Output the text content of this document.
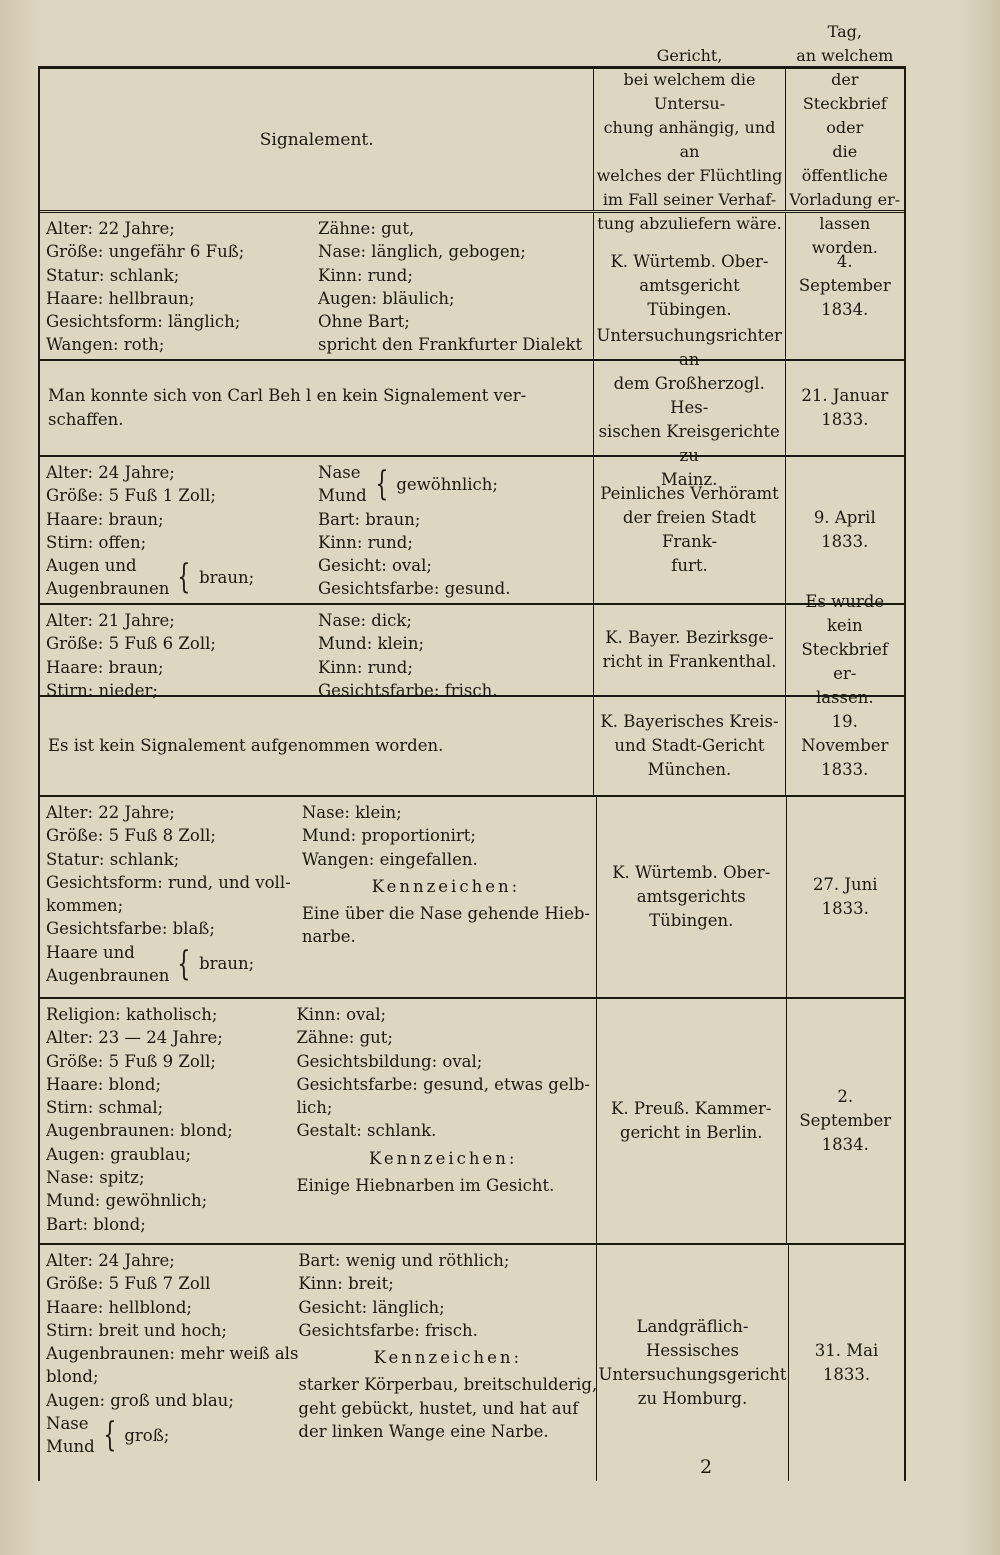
Signalement.
Gericht,
bei welchem die Untersu-
chung anhängig, und an
welches der Flüchtling
im Fall seiner Verhaf-
tung abzuliefern wäre.
Tag,
an welchem der
Steckbrief oder
die öffentliche
Vorladung er-
lassen worden.
Alter: 22 Jahre;
Größe: ungefähr 6 Fuß;
Statur: schlank;
Haare: hellbraun;
Gesichtsform: länglich;
Wangen: roth;
Zähne: gut,
Nase: länglich, gebogen;
Kinn: rund;
Augen: bläulich;
Ohne Bart;
spricht den Frankfurter Dialekt
K. Würtemb. Ober-
amtsgericht Tübingen.
4. September
1834.
Man konnte sich von Carl Beh l en kein Signalement ver-
schaffen.
Untersuchungsrichter an
dem Großherzogl. Hes-
sischen Kreisgerichte zu
Mainz.
21. Januar
1833.
Alter: 24 Jahre;
Größe: 5 Fuß 1 Zoll;
Haare: braun;
Stirn: offen;
Augen und
Augenbraunen { braun;
Nase
Mund { gewöhnlich;
Bart: braun;
Kinn: rund;
Gesicht: oval;
Gesichtsfarbe: gesund.
Peinliches Verhöramt
der freien Stadt Frank-
furt.
9. April
1833.
Alter: 21 Jahre;
Größe: 5 Fuß 6 Zoll;
Haare: braun;
Stirn: nieder;
Nase: dick;
Mund: klein;
Kinn: rund;
Gesichtsfarbe: frisch.
K. Bayer. Bezirksge-
richt in Frankenthal.
Es wurde kein
Steckbrief er-
lassen.
Es ist kein Signalement aufgenommen worden.
K. Bayerisches Kreis-
und Stadt-Gericht
München.
19. November
1833.
Alter: 22 Jahre;
Größe: 5 Fuß 8 Zoll;
Statur: schlank;
Gesichtsform: rund, und voll-
kommen;
Gesichtsfarbe: blaß;
Haare und
Augenbraunen { braun;
Nase: klein;
Mund: proportionirt;
Wangen: eingefallen.
Kennzeichen:
Eine über die Nase gehende Hieb-
narbe.
K. Würtemb. Ober-
amtsgerichts Tübingen.
27. Juni
1833.
Religion: katholisch;
Alter: 23 — 24 Jahre;
Größe: 5 Fuß 9 Zoll;
Haare: blond;
Stirn: schmal;
Augenbraunen: blond;
Augen: graublau;
Nase: spitz;
Mund: gewöhnlich;
Bart: blond;
Kinn: oval;
Zähne: gut;
Gesichtsbildung: oval;
Gesichtsfarbe: gesund, etwas gelb-
lich;
Gestalt: schlank.
Kennzeichen:
Einige Hiebnarben im Gesicht.
K. Preuß. Kammer-
gericht in Berlin.
2. September
1834.
Alter: 24 Jahre;
Größe: 5 Fuß 7 Zoll
Haare: hellblond;
Stirn: breit und hoch;
Augenbraunen: mehr weiß als
blond;
Augen: groß und blau;
Nase
Mund { groß;
Bart: wenig und röthlich;
Kinn: breit;
Gesicht: länglich;
Gesichtsfarbe: frisch.
Kennzeichen:
starker Körperbau, breitschulderig,
geht gebückt, hustet, und hat auf
der linken Wange eine Narbe.
Landgräflich-Hessisches
Untersuchungsgericht
zu Homburg.
31. Mai
1833.
2
